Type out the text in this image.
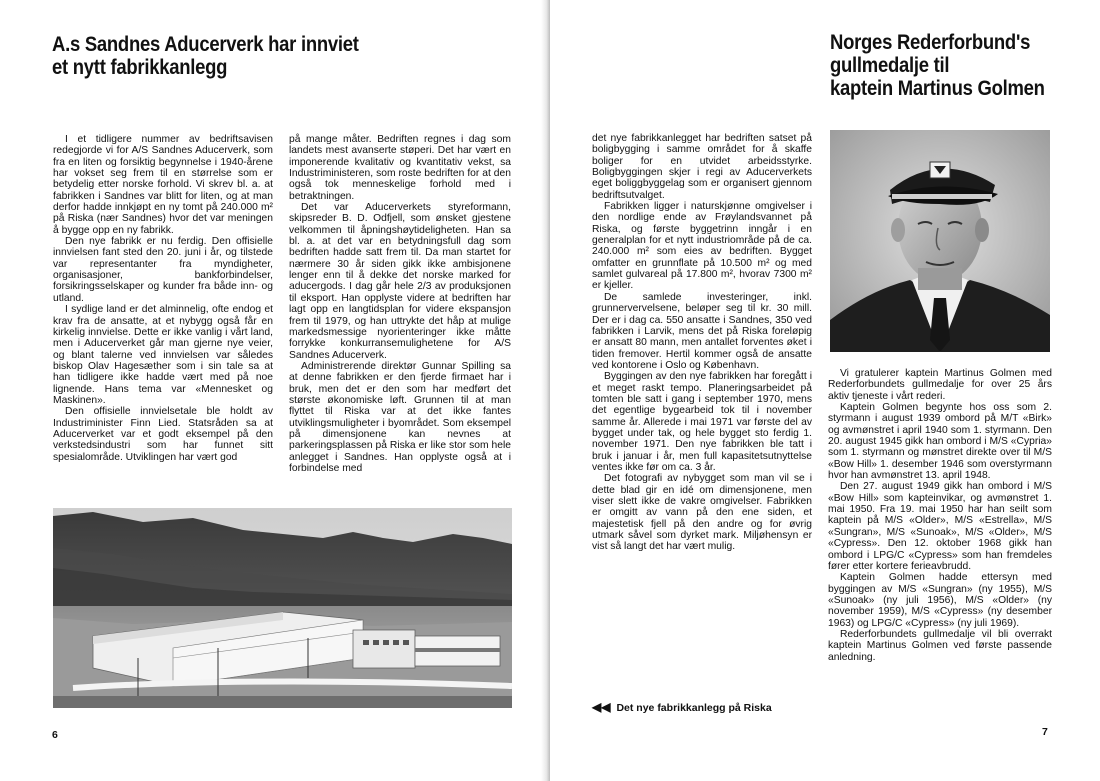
A.s Sandnes Aducerverk har innviet
et nytt fabrikkanlegg

I et tidligere nummer av bedriftsavisen redegjorde vi for A/S Sandnes Aducerverk, som fra en liten og forsiktig begynnelse i 1940-årene har vokset seg frem til en størrelse som er betydelig etter norske forhold. Vi skrev bl. a. at fabrikken i Sandnes var blitt for liten, og at man derfor hadde innkjøpt en ny tomt på 240.000 m² på Riska (nær Sandnes) hvor det var meningen å bygge opp en ny fabrikk.

Den nye fabrikk er nu ferdig. Den offisielle innvielsen fant sted den 20. juni i år, og tilstede var representanter fra myndigheter, organisasjoner, bankforbindelser, forsikringsselskaper og kunder fra både inn- og utland.

I sydlige land er det alminnelig, ofte endog et krav fra de ansatte, at et nybygg også får en kirkelig innvielse. Dette er ikke vanlig i vårt land, men i Aducerverket går man gjerne nye veier, og blant talerne ved innvielsen var således biskop Olav Hagesæther som i sin tale sa at han tidligere ikke hadde vært med på noe lignende. Hans tema var «Mennesket og Maskinen».

Den offisielle innvielsetale ble holdt av Industriminister Finn Lied. Statsråden sa at Aducerverket var et godt eksempel på den verkstedsindustri som har funnet sitt spesialområde. Utviklingen har vært god

på mange måter. Bedriften regnes i dag som landets mest avanserte støperi. Det har vært en imponerende kvalitativ og kvantitativ vekst, sa Industriministeren, som roste bedriften for at den også tok menneskelige forhold med i betraktningen.

Det var Aducerverkets styreformann, skipsreder B. D. Odfjell, som ønsket gjestene velkommen til åpningshøytideligheten. Han sa bl. a. at det var en betydningsfull dag som bedriften hadde satt frem til. Da man startet for nærmere 30 år siden gikk ikke ambisjonene lenger enn til å dekke det norske marked for aducergods. I dag går hele 2/3 av produksjonen til eksport. Han opplyste videre at bedriften har lagt opp en langtidsplan for videre ekspansjon frem til 1979, og han uttrykte det håp at mulige markedsmessige nyorienteringer ikke måtte forrykke konkurransemulighetene for A/S Sandnes Aducerverk.

Administrerende direktør Gunnar Spilling sa at denne fabrikken er den fjerde firmaet har i bruk, men det er den som har medført det største økonomiske løft. Grunnen til at man flyttet til Riska var at det ikke fantes utviklingsmuligheter i byområdet. Som eksempel på dimensjonene kan nevnes at parkeringsplassen på Riska er like stor som hele anlegget i Sandnes. Han opplyste også at i forbindelse med

6

det nye fabrikkanlegget har bedriften satset på boligbygging i samme området for å skaffe boliger for en utvidet arbeidsstyrke. Boligbyggingen skjer i regi av Aducerverkets eget boliggbyggelag som er organisert gjennom bedriftsutvalget.

Fabrikken ligger i naturskjønne omgivelser i den nordlige ende av Frøylandsvannet på Riska, og første byggetrinn inngår i en generalplan for et nytt industriområde på de ca. 240.000 m² som eies av bedriften. Bygget omfatter en grunnflate på 10.500 m² og med samlet gulvareal på 17.800 m², hvorav 7300 m² er kjeller.

De samlede investeringer, inkl. grunnervervelsene, beløper seg til kr. 30 mill. Der er i dag ca. 550 ansatte i Sandnes, 350 ved fabrikken i Larvik, mens det på Riska foreløpig er ansatt 80 mann, men antallet forventes øket i tiden fremover. Hertil kommer også de ansatte ved kontorene i Oslo og København.

Byggingen av den nye fabrikken har foregått i et meget raskt tempo. Planeringsarbeidet på tomten ble satt i gang i september 1970, mens det egentlige bygearbeid tok til i november samme år. Allerede i mai 1971 var første del av bygget under tak, og hele bygget sto ferdig 1. november 1971. Den nye fabrikken ble tatt i bruk i januar i år, men full kapasitetsutnyttelse ventes ikke før om ca. 3 år.

Det fotografi av nybygget som man vil se i dette blad gir en idé om dimensjonene, men viser slett ikke de vakre omgivelser. Fabrikken er omgitt av vann på den ene siden, et majestetisk fjell på den andre og for øvrig utmark såvel som dyrket mark. Miljøhensyn er vist så langt det har vært mulig.

◀◀ Det nye fabrikkanlegg på Riska
Norges Rederforbund's
gullmedalje til
kaptein Martinus Golmen

Vi gratulerer kaptein Martinus Golmen med Rederforbundets gullmedalje for over 25 års aktiv tjeneste i vårt rederi.

Kaptein Golmen begynte hos oss som 2. styrmann i august 1939 ombord på M/T «Birk» og avmønstret i april 1940 som 1. styrmann. Den 20. august 1945 gikk han ombord i M/S «Cypria» som 1. styrmann og mønstret direkte over til M/S «Bow Hill» 1. desember 1946 som overstyrmann hvor han avmønstret 13. april 1948.

Den 27. august 1949 gikk han ombord i M/S «Bow Hill» som kapteinvikar, og avmønstret 1. mai 1950. Fra 19. mai 1950 har han seilt som kaptein på M/S «Older», M/S «Estrella», M/S «Sungran», M/S «Sunoak», M/S «Older», M/S «Cypress». Den 12. oktober 1968 gikk han ombord i LPG/C «Cypress» som han fremdeles fører etter kortere ferieavbrudd.

Kaptein Golmen hadde ettersyn med byggingen av M/S «Sungran» (ny 1955), M/S «Sunoak» (ny juli 1956), M/S «Older» (ny november 1959), M/S «Cypress» (ny desember 1963) og LPG/C «Cypress» (ny juli 1969).

Rederforbundets gullmedalje vil bli overrakt kaptein Martinus Golmen ved første passende anledning.

7
